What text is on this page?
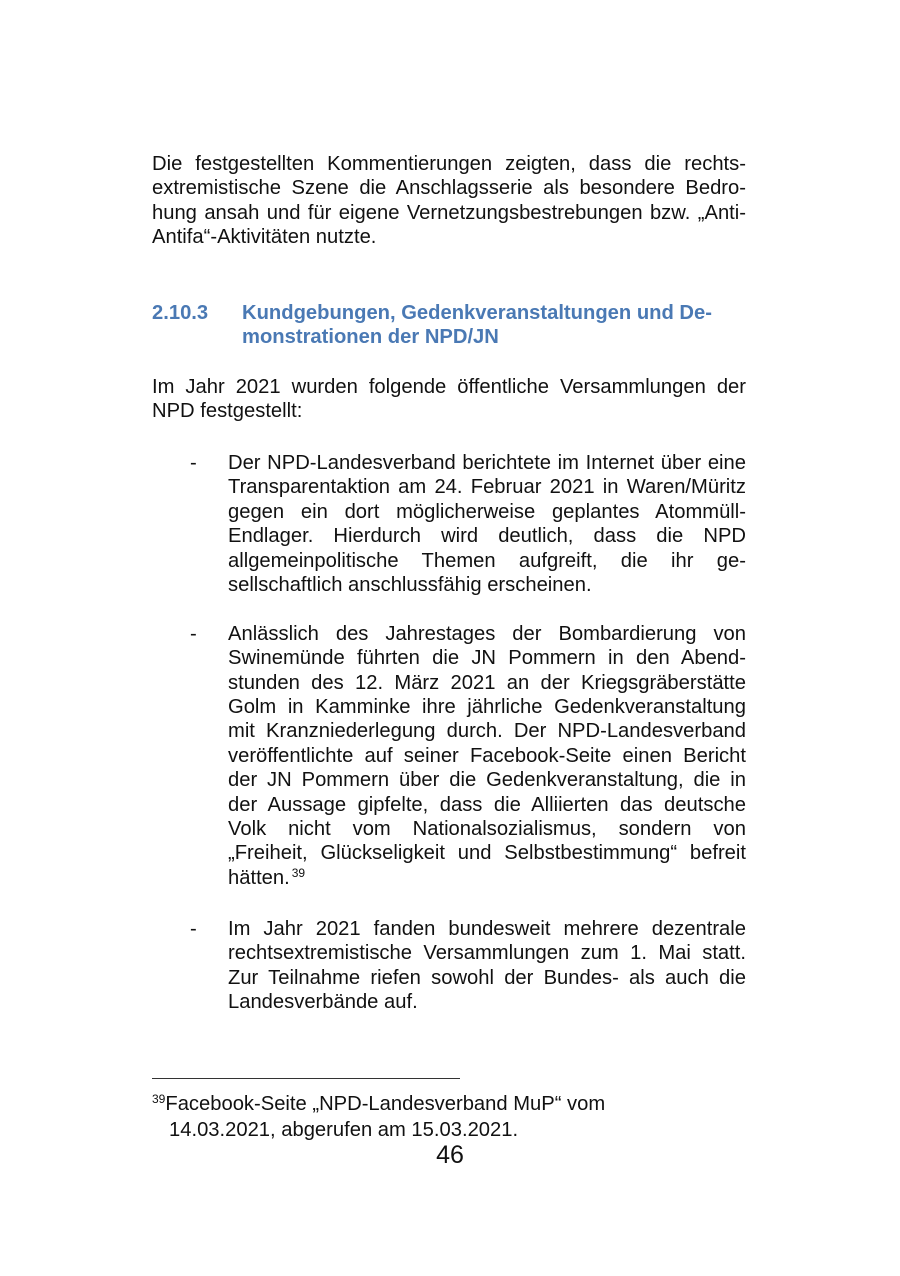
Die festgestellten Kommentierungen zeigten, dass die rechtsextremistische Szene die Anschlagsserie als besondere Bedrohung ansah und für eigene Vernetzungsbestrebungen bzw. „Anti-Antifa“-Aktivitäten nutzte.

2.10.3 Kundgebungen, Gedenkveranstaltungen und Demonstrationen der NPD/JN

Im Jahr 2021 wurden folgende öffentliche Versammlungen der NPD festgestellt:

- Der NPD-Landesverband berichtete im Internet über eine Transparentaktion am 24. Februar 2021 in Waren/Müritz gegen ein dort möglicherweise geplantes Atommüll-Endlager. Hierdurch wird deutlich, dass die NPD allgemeinpolitische Themen aufgreift, die ihr gesellschaftlich anschlussfähig erscheinen.
- Anlässlich des Jahrestages der Bombardierung von Swinemünde führten die JN Pommern in den Abendstunden des 12. März 2021 an der Kriegsgräberstätte Golm in Kamminke ihre jährliche Gedenkveranstaltung mit Kranzniederlegung durch. Der NPD-Landesverband veröffentlichte auf seiner Facebook-Seite einen Bericht der JN Pommern über die Gedenkveranstaltung, die in der Aussage gipfelte, dass die Alliierten das deutsche Volk nicht vom Nationalsozialismus, sondern von „Freiheit, Glückseligkeit und Selbstbestimmung“ befreit hätten. $^{39}$
- Im Jahr 2021 fanden bundesweit mehrere dezentrale rechtsextremistische Versammlungen zum 1. Mai statt. Zur Teilnahme riefen sowohl der Bundes- als auch die Landesverbände auf.
$^{39}$Facebook-Seite „NPD-Landesverband MuP“ vom
14.03.2021, abgerufen am 15.03.2021.
46
